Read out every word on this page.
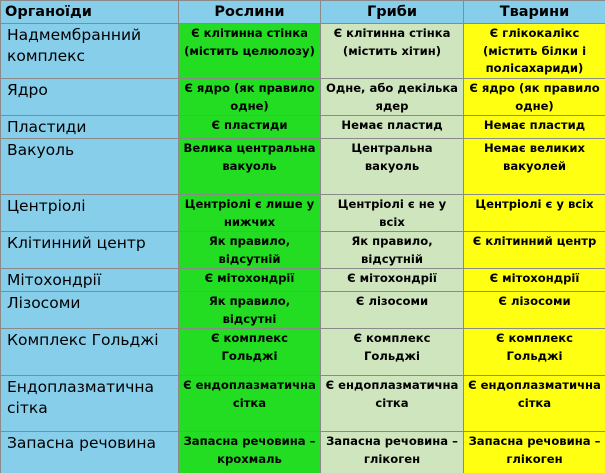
Органоїди	Рослини	Гриби	Тварини

Надмембранний комплекс	Є клітинна стінка (містить целюлозу)	Є клітинна стінка (містить хітин)	Є глікокалікс (містить білки і полісахариди)

Ядро	Є ядро (як правило одне)	Одне, або декілька ядер	Є ядро (як правило одне)

Пластиди	Є пластиди	Немає пластид	Немає пластид

Вакуоль	Велика центральна вакуоль	Центральна вакуоль	Немає великих вакуолей

Центріолі	Центріолі є лише у нижчих	Центріолі є не у всіх	Центріолі є у всіх

Клітинний центр	Як правило, відсутній	Як правило, відсутній	Є клітинний центр

Мітохондрії	Є мітохондрії	Є мітохондрії	Є мітохондрії

Лізосоми	Як правило, відсутні	Є лізосоми	Є лізосоми

Комплекс Гольджі	Є комплекс Гольджі	Є комплекс Гольджі	Є комплекс Гольджі

Ендоплазматична сітка	Є ендоплазматична сітка	Є ендоплазматична сітка	Є ендоплазматична сітка

Запасна речовина	Запасна речовина – крохмаль	Запасна речовина – глікоген	Запасна речовина – глікоген
